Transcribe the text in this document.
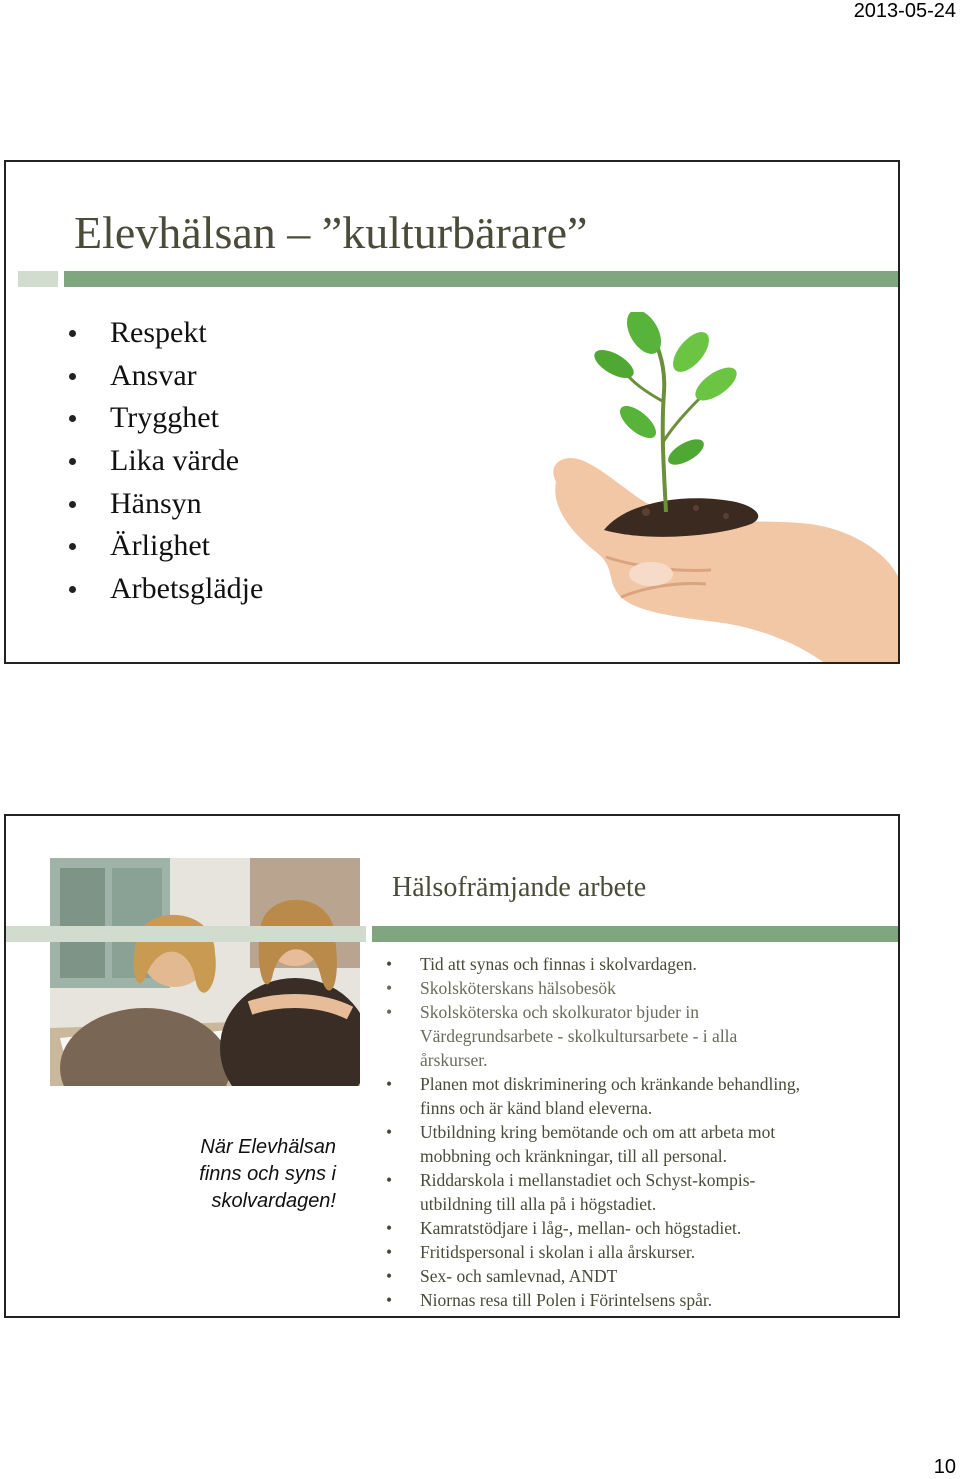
2013-05-24
Elevhälsan – ”kulturbärare”
Respekt
Ansvar
Trygghet
Lika värde
Hänsyn
Ärlighet
Arbetsglädje
När Elevhälsan
finns och syns i
skolvardagen!
Hälsofrämjande arbete
• Tid att synas och finnas i skolvardagen.
• Skolsköterskans hälsobesök
• Skolsköterska och skolkurator bjuder in
Värdegrundsarbete - skolkultursarbete - i alla
årskurser.
• Planen mot diskriminering och kränkande behandling,
finns och är känd bland eleverna.
• Utbildning kring bemötande och om att arbeta mot
mobbning och kränkningar, till all personal.
• Riddarskola i mellanstadiet och Schyst-kompis-
utbildning till alla på i högstadiet.
• Kamratstödjare i låg-, mellan- och högstadiet.
• Fritidspersonal i skolan i alla årskurser.
• Sex- och samlevnad, ANDT
• Niornas resa till Polen i Förintelsens spår.
10
